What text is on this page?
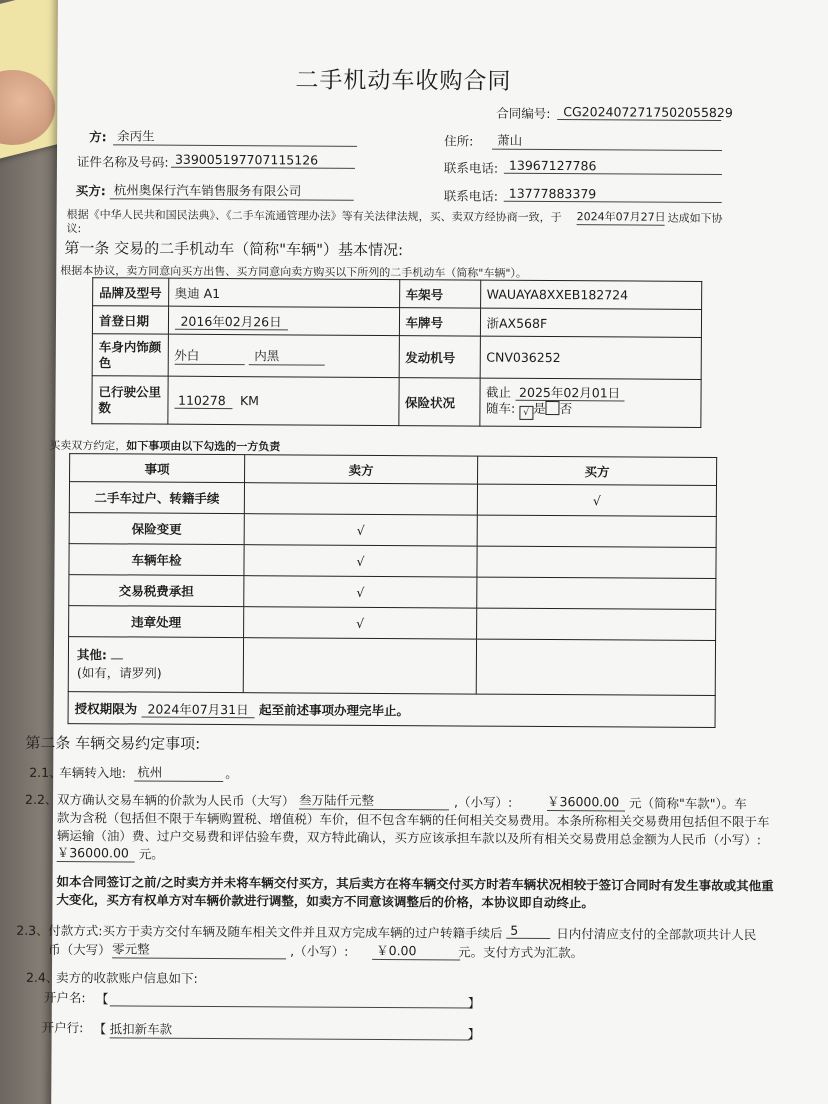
二手机动车收购合同
合同编号:	CG2024072717502055829
方: 余丙生	住所:	萧山
证件名称及号码: 339005197707115126
联系电话: 13967127786
买方: 杭州奥保行汽车销售服务有限公司	联系电话: 13777883379
根据《中华人民共和国民法典》、《二手车流通管理办法》等有关法律法规，买、卖双方经协商一致，于 2024年07月27日 达成如下协
议:
第一条 交易的二手机动车（简称"车辆"）基本情况:
根据本协议，卖方同意向买方出售、买方同意向卖方购买以下所列的二手机动车（简称"车辆"）。
品牌及型号	奥迪 A1	车架号	WAUAYA8XXEB182724
首登日期	2016年02月26日	车牌号	浙AX568F
车身内饰颜
色	外白 内黑	发动机号	CNV036252
已行驶公里
数	110278 KM	保险状况	截止 2025年02月01日
随车: √ 是 否
买卖双方约定，如下事项由以下勾选的一方负责
事项	卖方	买方
二手车过户、转籍手续		√
保险变更	√	
车辆年检	√	
交易税费承担	√	
违章处理	√	
其他:
(如有，请罗列)		
授权期限为 2024年07月31日 起至前述事项办理完毕止。		
第二条 车辆交易约定事项:
2.1、
车辆转入地: 杭州	。
2.2、 双方确认交易车辆的价款为人民币（大写） 叁万陆仟元整	,（小写）:	￥36000.00 元（简称"车款"）。车
款为含税（包括但不限于车辆购置税、增值税）车价，但不包含车辆的任何相关交易费用。本条所称相关交易费用包括但不限于车
辆运输（油）费、过户交易费和评估验车费，双方特此确认，买方应该承担车款以及所有相关交易费用总金额为人民币（小写）:
￥36000.00 元。
如本合同签订之前/之时卖方并未将车辆交付买方，其后卖方在将车辆交付买方时若车辆状况相较于签订合同时有发生事故或其他重
大变化，买方有权单方对车辆价款进行调整，如卖方不同意该调整后的价格，本协议即自动终止。
2.3、 付款方式:买方于卖方交付车辆及随车相关文件并且双方完成车辆的过户转籍手续后 5	日内付清应支付的全部款项共计人民
币（大写） 零元整	,（小写）:	￥0.00	元。支付方式为汇款。
2.4、
卖方的收款账户信息如下:
开户名: 【	】
开户行: 【 抵扣新车款	】
